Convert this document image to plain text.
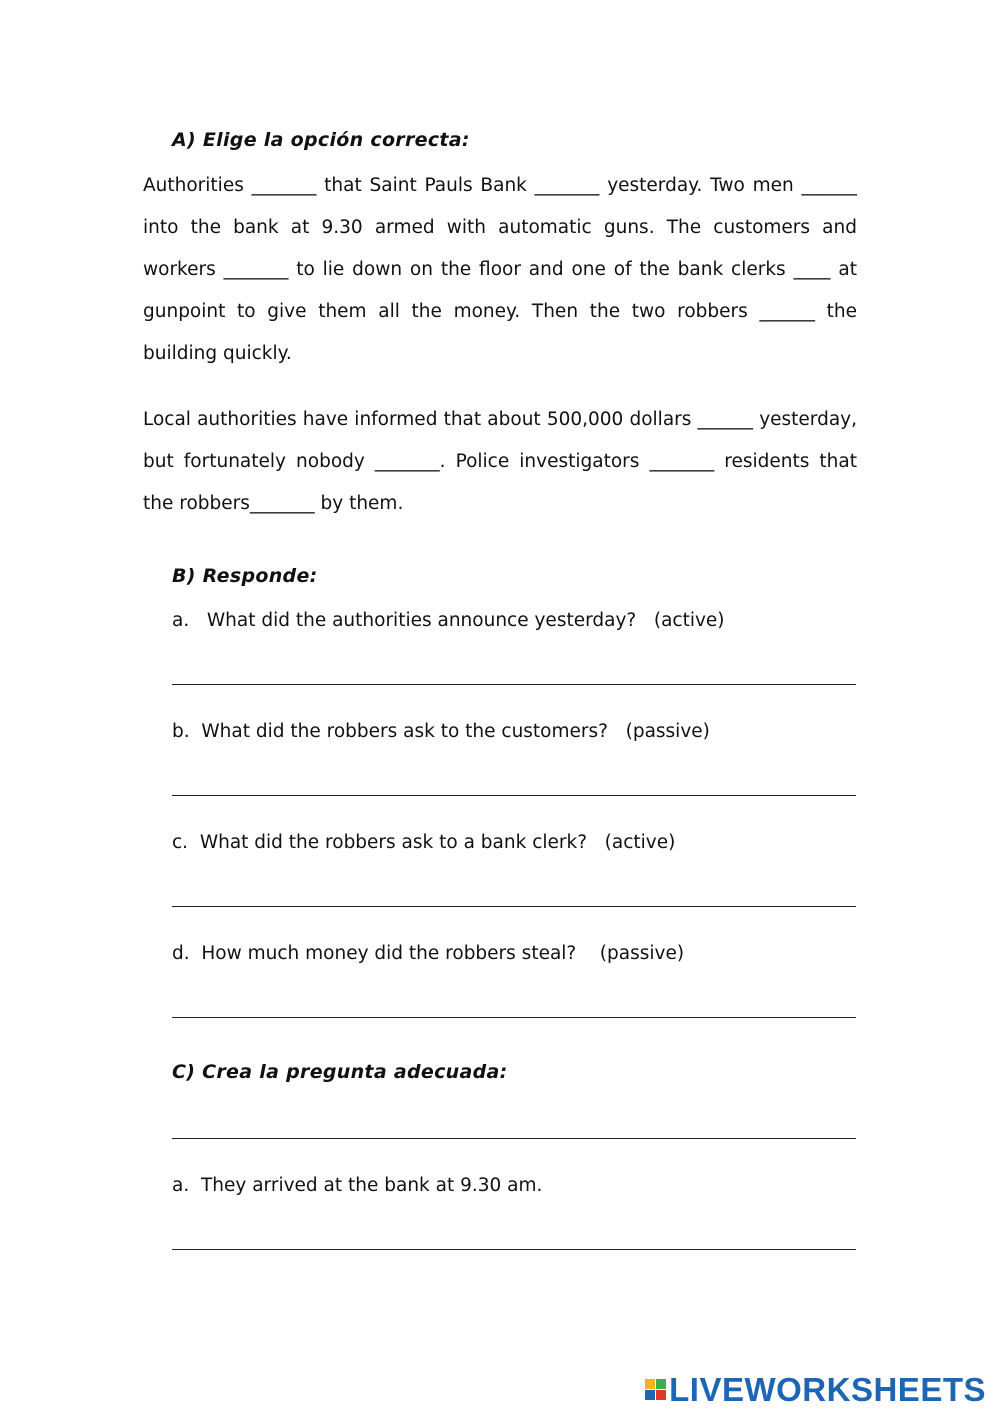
A) Elige la opción correcta:
Authorities _______ that Saint Pauls Bank _______ yesterday. Two men ______ into the bank at 9.30 armed with automatic guns. The customers and workers _______ to lie down on the floor and one of the bank clerks ____ at gunpoint to give them all the money. Then the two robbers ______ the building quickly.
Local authorities have informed that about 500,000 dollars ______ yesterday, but fortunately nobody _______. Police investigators _______ residents that the robbers_______ by them.
B) Responde:
a.   What did the authorities announce yesterday?   (active)
b.  What did the robbers ask to the customers?   (passive)
c.  What did the robbers ask to a bank clerk?   (active)
d.  How much money did the robbers steal?    (passive)
C) Crea la pregunta adecuada:
a.  They arrived at the bank at 9.30 am.
LIVEWORKSHEETS
